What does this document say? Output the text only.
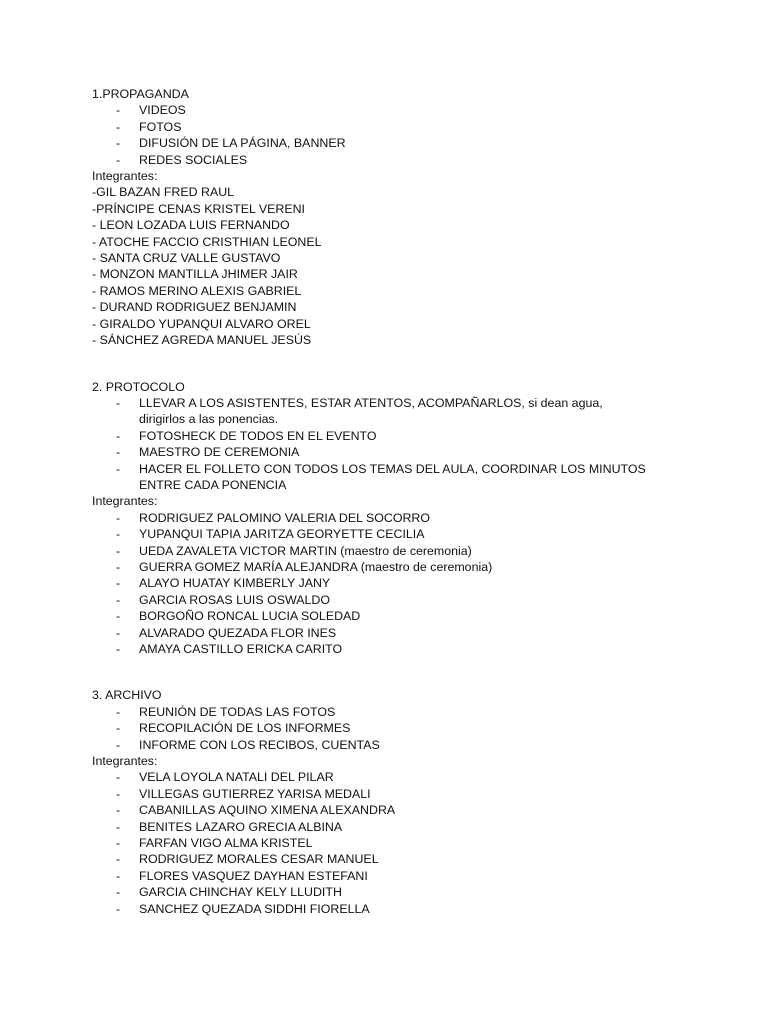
1.PROPAGANDA
- VIDEOS
- FOTOS
- DIFUSIÓN DE LA PÁGINA, BANNER
- REDES SOCIALES
Integrantes:
-GIL BAZAN FRED RAUL
-PRÍNCIPE CENAS KRISTEL VERENI
- LEON LOZADA LUIS FERNANDO
- ATOCHE FACCIO CRISTHIAN LEONEL
- SANTA CRUZ VALLE GUSTAVO
- MONZON MANTILLA JHIMER JAIR
- RAMOS MERINO ALEXIS GABRIEL
- DURAND RODRIGUEZ BENJAMIN
- GIRALDO YUPANQUI ALVARO OREL
- SÁNCHEZ AGREDA MANUEL JESÚS
2. PROTOCOLO
- LLEVAR A LOS ASISTENTES, ESTAR ATENTOS, ACOMPAÑARLOS, si dean agua,
dirigirlos a las ponencias.
- FOTOSHECK DE TODOS EN EL EVENTO
- MAESTRO DE CEREMONIA
- HACER EL FOLLETO CON TODOS LOS TEMAS DEL AULA, COORDINAR LOS MINUTOS
ENTRE CADA PONENCIA
Integrantes:
- RODRIGUEZ PALOMINO VALERIA DEL SOCORRO
- YUPANQUI TAPIA JARITZA GEORYETTE CECILIA
- UEDA ZAVALETA VICTOR MARTIN (maestro de ceremonia)
- GUERRA GOMEZ MARÍA ALEJANDRA (maestro de ceremonia)
- ALAYO HUATAY KIMBERLY JANY
- GARCIA ROSAS LUIS OSWALDO
- BORGOÑO RONCAL LUCIA SOLEDAD
- ALVARADO QUEZADA FLOR INES
- AMAYA CASTILLO ERICKA CARITO
3. ARCHIVO
- REUNIÓN DE TODAS LAS FOTOS
- RECOPILACIÓN DE LOS INFORMES
- INFORME CON LOS RECIBOS, CUENTAS
Integrantes:
- VELA LOYOLA NATALI DEL PILAR
- VILLEGAS GUTIERREZ YARISA MEDALI
- CABANILLAS AQUINO XIMENA ALEXANDRA
- BENITES LAZARO GRECIA ALBINA
- FARFAN VIGO ALMA KRISTEL
- RODRIGUEZ MORALES CESAR MANUEL
- FLORES VASQUEZ DAYHAN ESTEFANI
- GARCIA CHINCHAY KELY LLUDITH
- SANCHEZ QUEZADA SIDDHI FIORELLA
